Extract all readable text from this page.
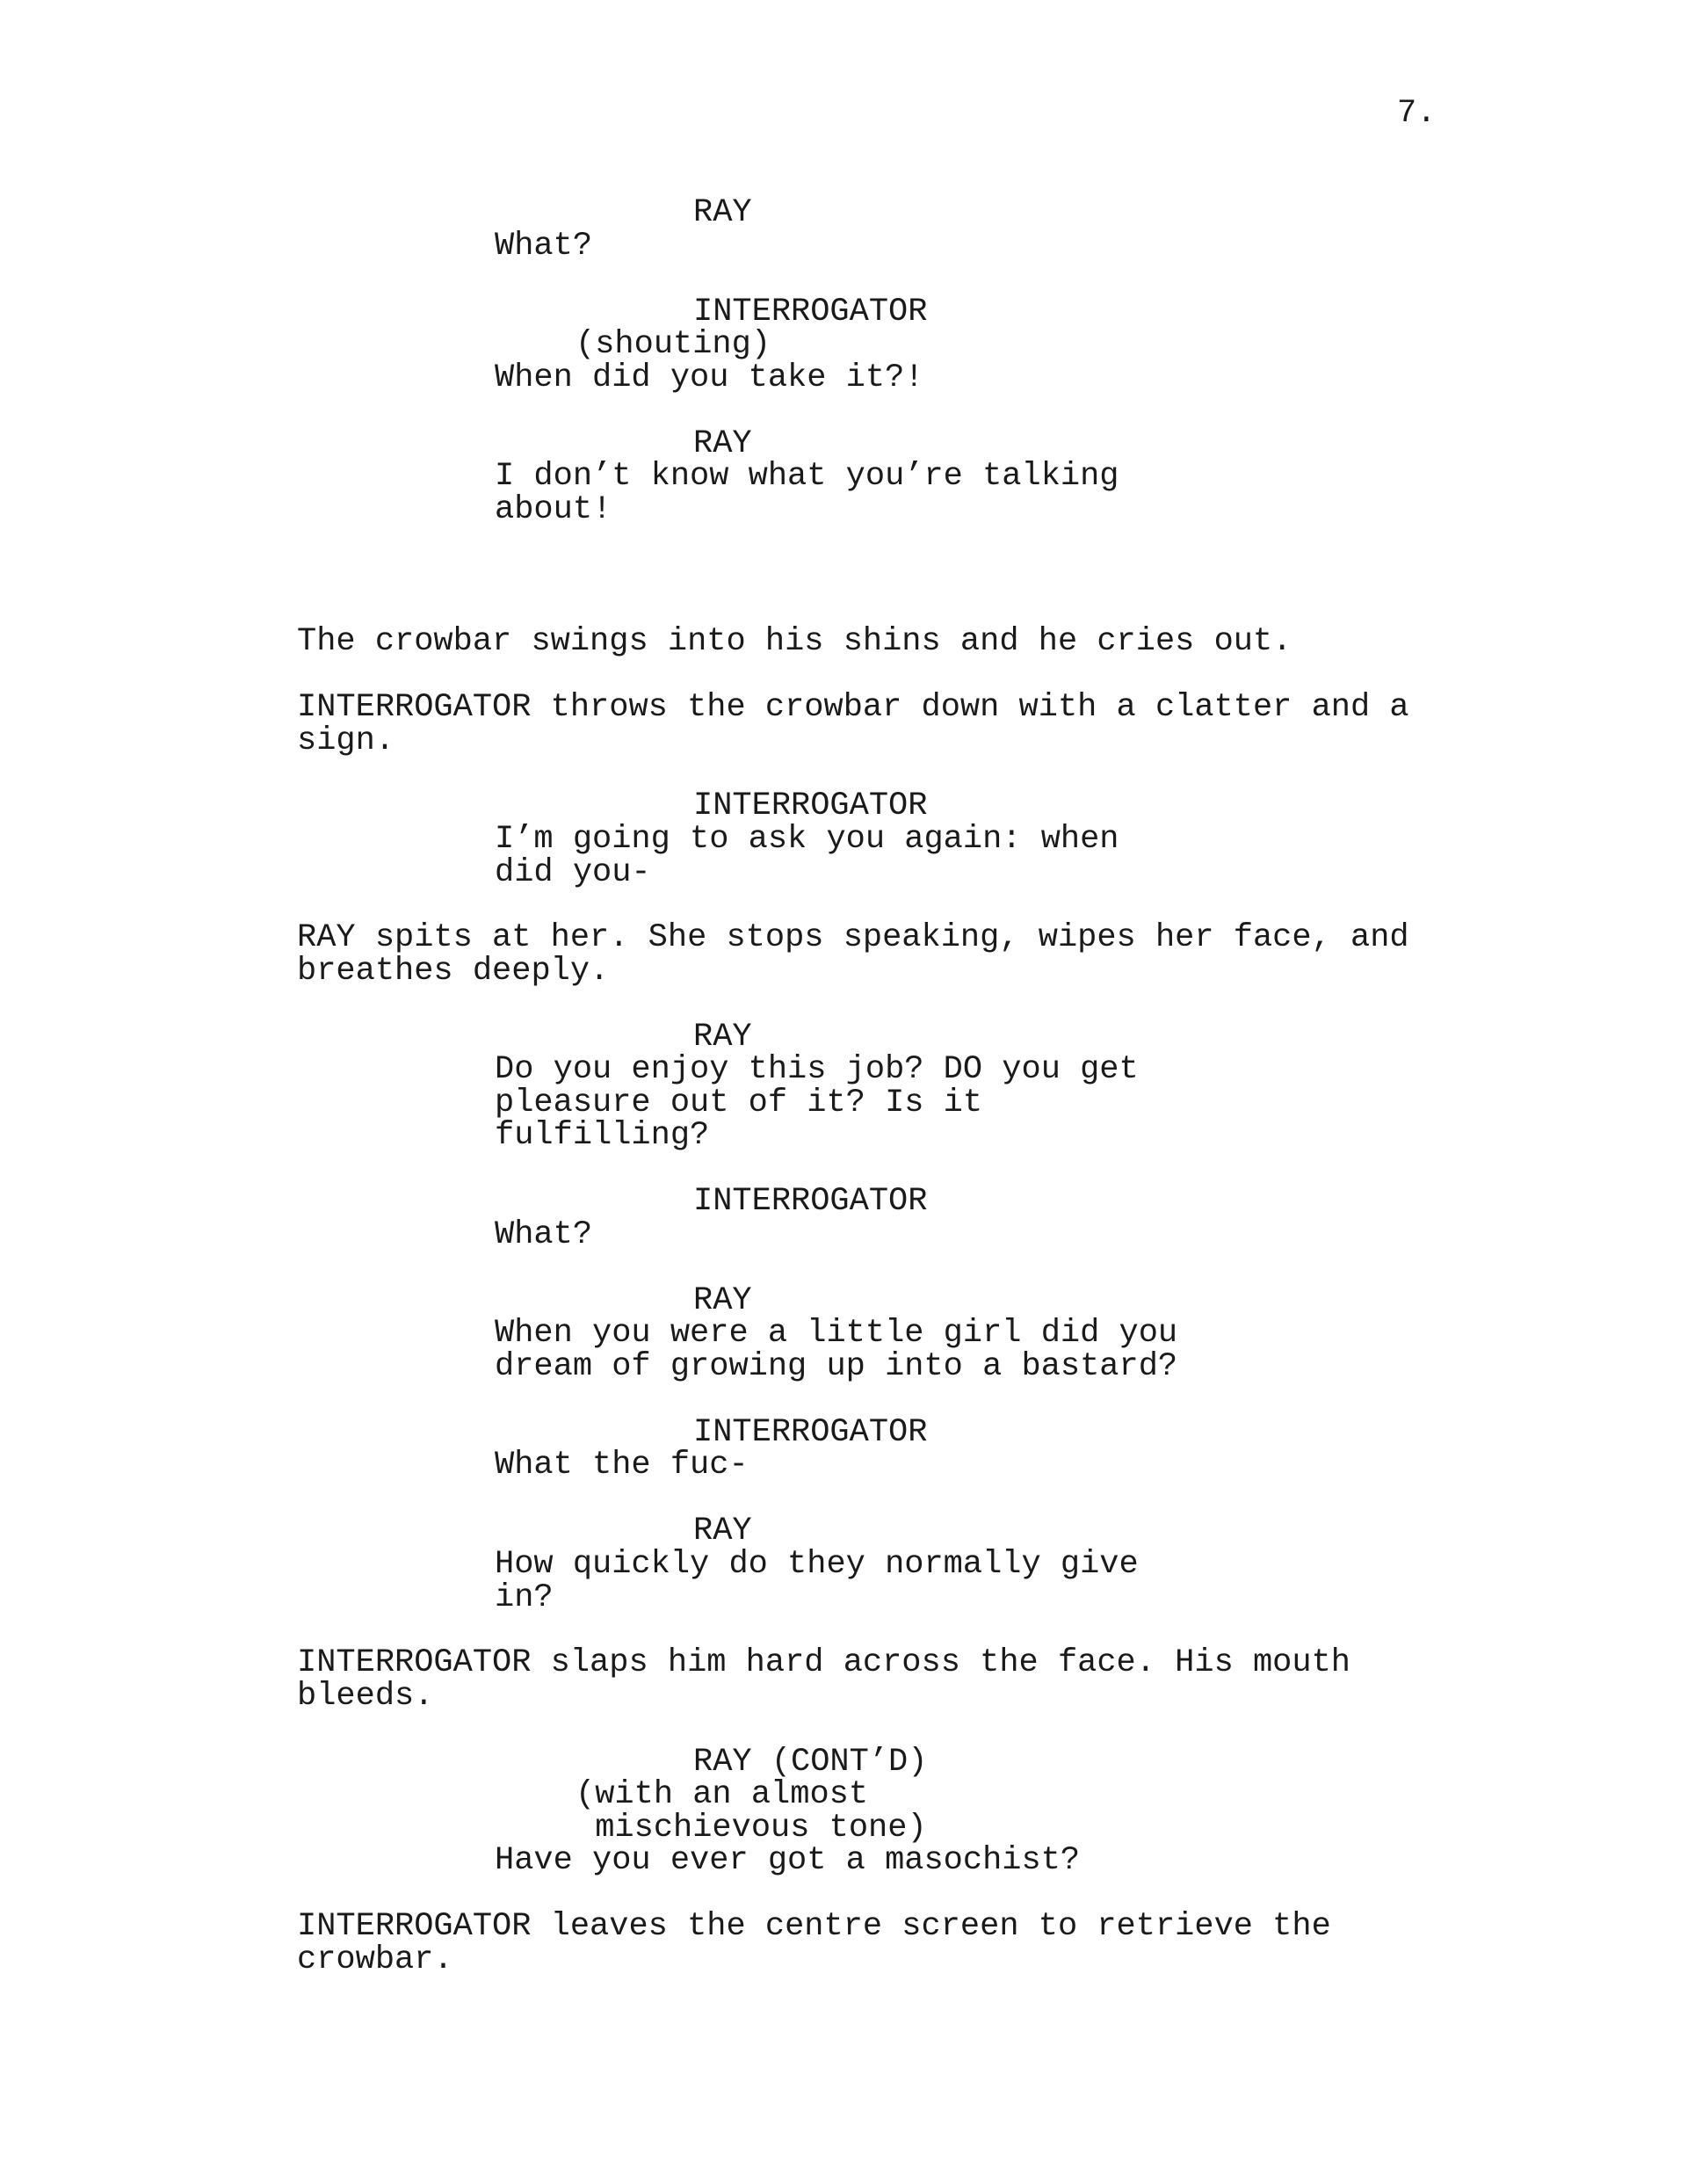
7.
RAY
What?
INTERROGATOR
(shouting)
When did you take it?!
RAY
I don’t know what you’re talking
about!
The crowbar swings into his shins and he cries out.
INTERROGATOR throws the crowbar down with a clatter and a
sign.
INTERROGATOR
I’m going to ask you again: when
did you-
RAY spits at her. She stops speaking, wipes her face, and
breathes deeply.
RAY
Do you enjoy this job? DO you get
pleasure out of it? Is it
fulfilling?
INTERROGATOR
What?
RAY
When you were a little girl did you
dream of growing up into a bastard?
INTERROGATOR
What the fuc-
RAY
How quickly do they normally give
in?
INTERROGATOR slaps him hard across the face. His mouth
bleeds.
RAY (CONT’D)
(with an almost
mischievous tone)
Have you ever got a masochist?
INTERROGATOR leaves the centre screen to retrieve the
crowbar.
